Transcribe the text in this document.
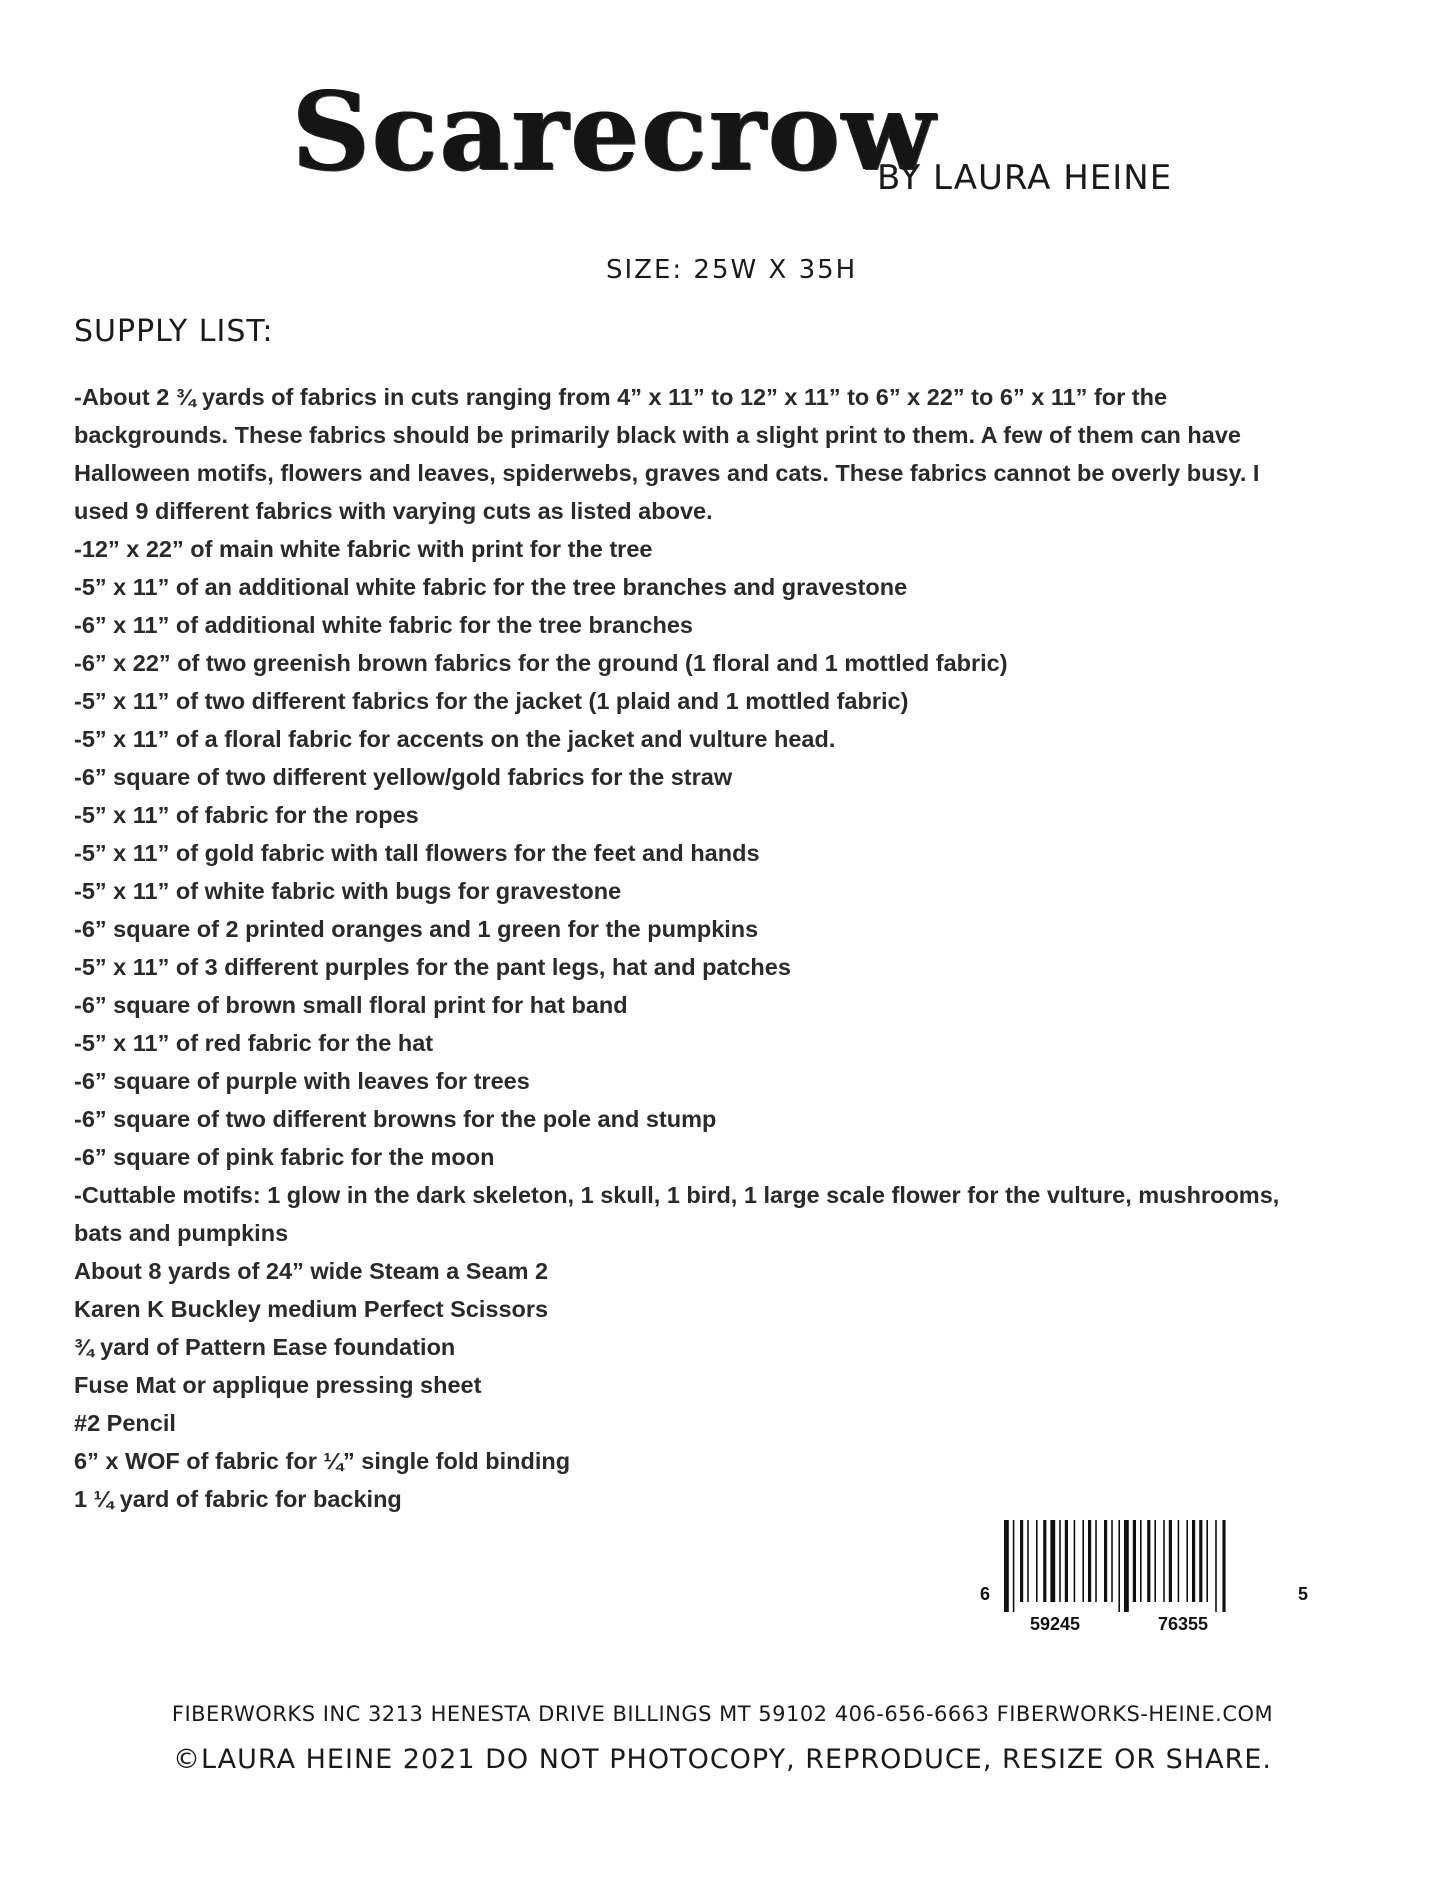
Scarecrow
BY LAURA HEINE
SIZE: 25W X 35H
SUPPLY LIST:
-About 2 ¾ yards of fabrics in cuts ranging from 4” x 11” to 12” x 11” to 6” x 22” to 6” x 11” for the
backgrounds. These fabrics should be primarily black with a slight print to them. A few of them can have
Halloween motifs, flowers and leaves, spiderwebs, graves and cats. These fabrics cannot be overly busy. I
used 9 different fabrics with varying cuts as listed above.
-12” x 22” of main white fabric with print for the tree
-5” x 11” of an additional white fabric for the tree branches and gravestone
-6” x 11” of additional white fabric for the tree branches
-6” x 22” of two greenish brown fabrics for the ground (1 floral and 1 mottled fabric)
-5” x 11” of two different fabrics for the jacket (1 plaid and 1 mottled fabric)
-5” x 11” of a floral fabric for accents on the jacket and vulture head.
-6” square of two different yellow/gold fabrics for the straw
-5” x 11” of fabric for the ropes
-5” x 11” of gold fabric with tall flowers for the feet and hands
-5” x 11” of white fabric with bugs for gravestone
-6” square of 2 printed oranges and 1 green for the pumpkins
-5” x 11” of 3 different purples for the pant legs, hat and patches
-6” square of brown small floral print for hat band
-5” x 11” of red fabric for the hat
-6” square of purple with leaves for trees
-6” square of two different browns for the pole and stump
-6” square of pink fabric for the moon
-Cuttable motifs: 1 glow in the dark skeleton, 1 skull, 1 bird, 1 large scale flower for the vulture, mushrooms,
bats and pumpkins
About 8 yards of 24” wide Steam a Seam 2
Karen K Buckley medium Perfect Scissors
¾ yard of Pattern Ease foundation
Fuse Mat or applique pressing sheet
#2 Pencil
6” x WOF of fabric for ¼” single fold binding
1 ¼ yard of fabric for backing
6
59245	76355
5
FIBERWORKS INC 3213 HENESTA DRIVE BILLINGS MT 59102 406-656-6663 FIBERWORKS-HEINE.COM
©LAURA HEINE 2021 DO NOT PHOTOCOPY, REPRODUCE, RESIZE OR SHARE.
